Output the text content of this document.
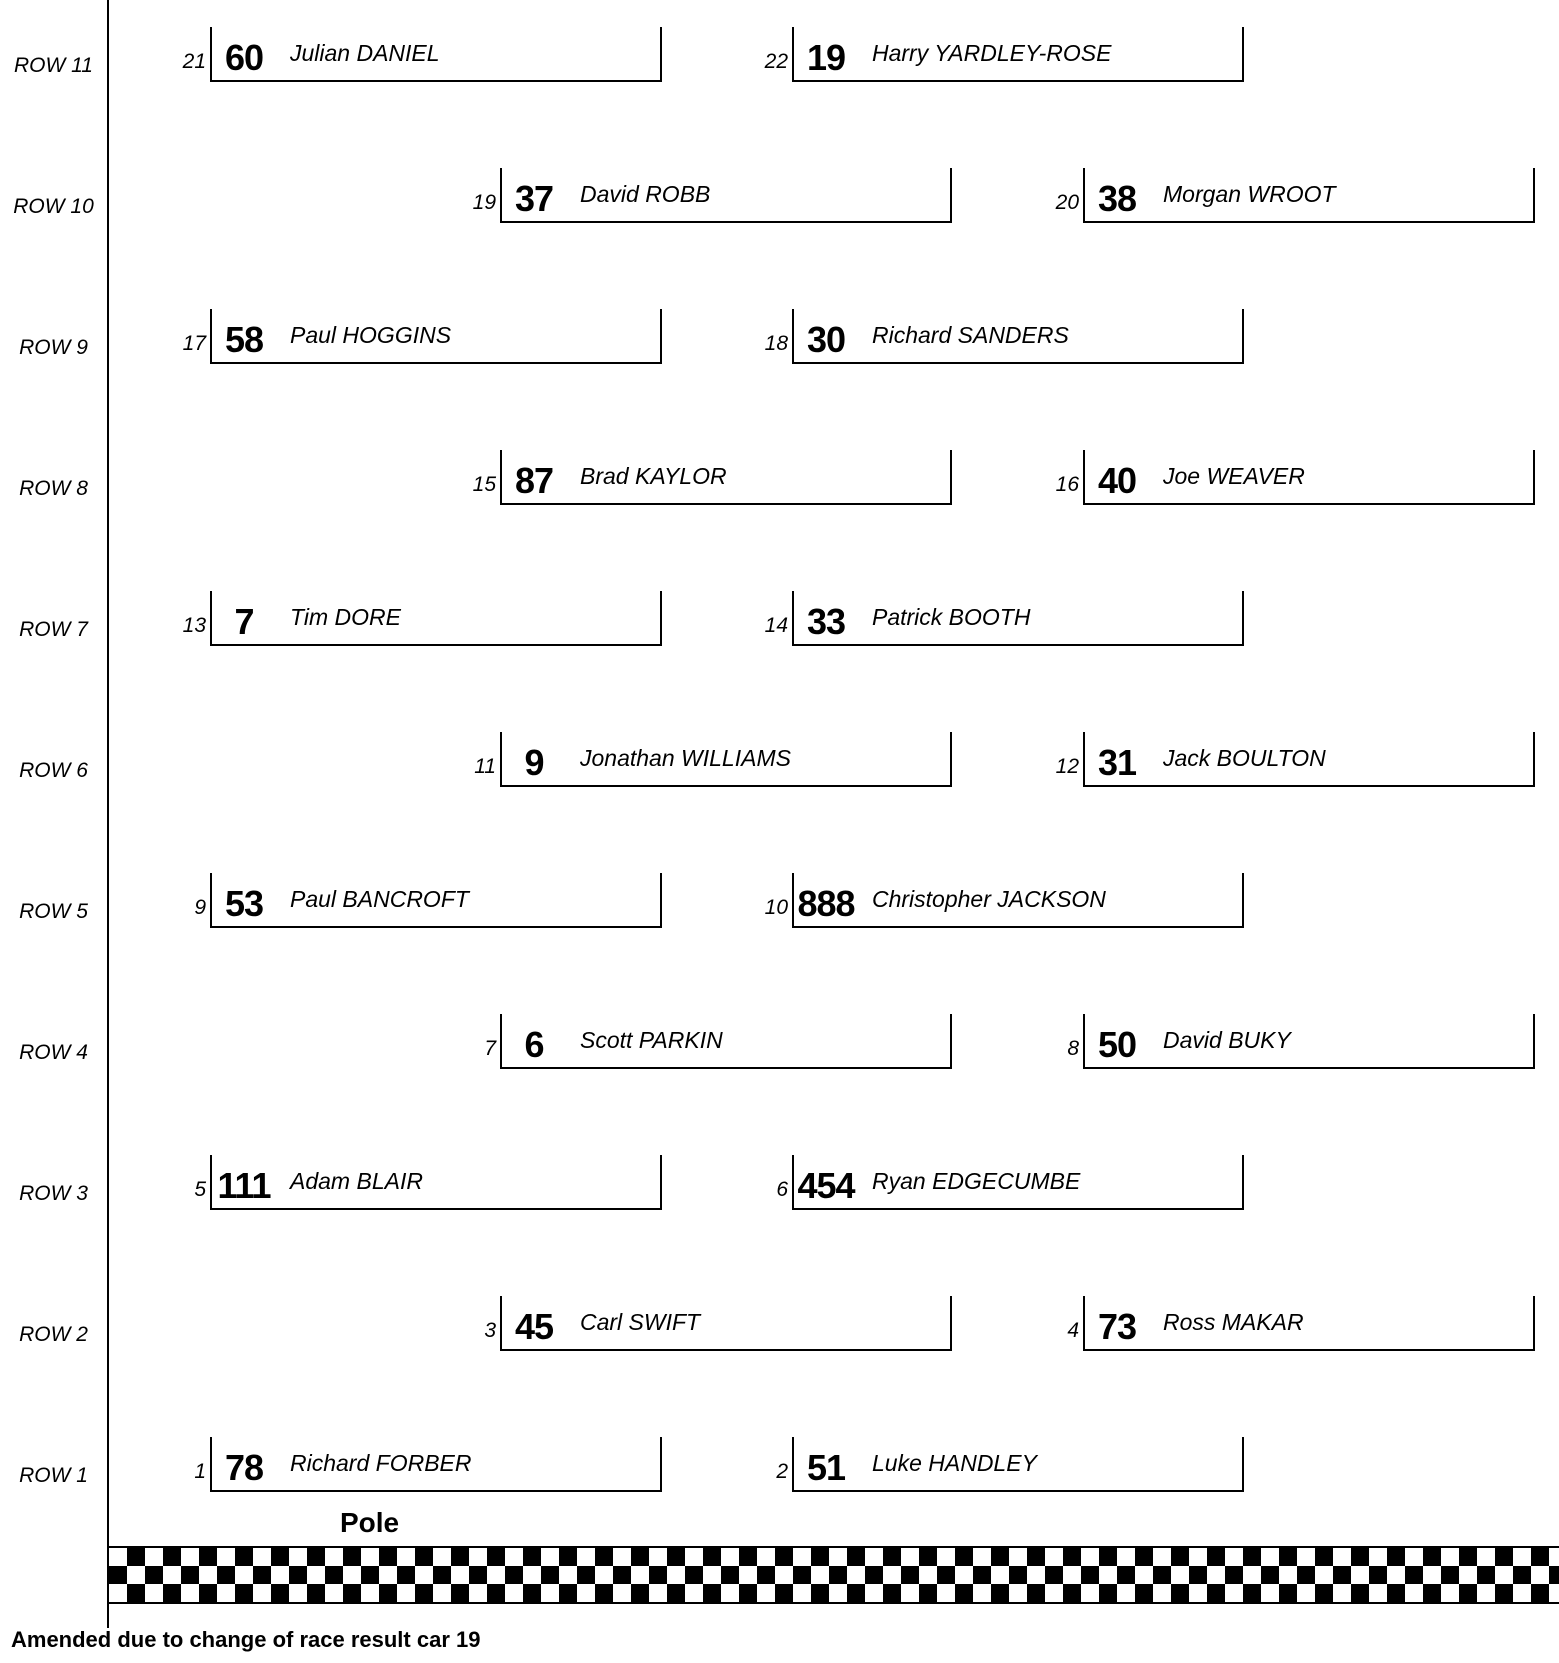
ROW 11	21 60	Julian DANIEL	22 19	Harry YARDLEY-ROSE
ROW 10	19 37	David ROBB	20 38	Morgan WROOT
ROW 9	17 58	Paul HOGGINS	18 30	Richard SANDERS
ROW 8	15 87	Brad KAYLOR	16 40	Joe WEAVER
ROW 7	13 7	Tim DORE	14 33	Patrick BOOTH
ROW 6	11 9	Jonathan WILLIAMS	12 31	Jack BOULTON
ROW 5	9 53	Paul BANCROFT	10 888 Christopher JACKSON
ROW 4	7 6	Scott PARKIN	8 50	David BUKY
ROW 3	5 111 Adam BLAIR	6 454 Ryan EDGECUMBE
ROW 2	3 45	Carl SWIFT	4 73	Ross MAKAR
ROW 1	1 78	Richard FORBER	2 51	Luke HANDLEY
Pole
Amended due to change of race result car 19
